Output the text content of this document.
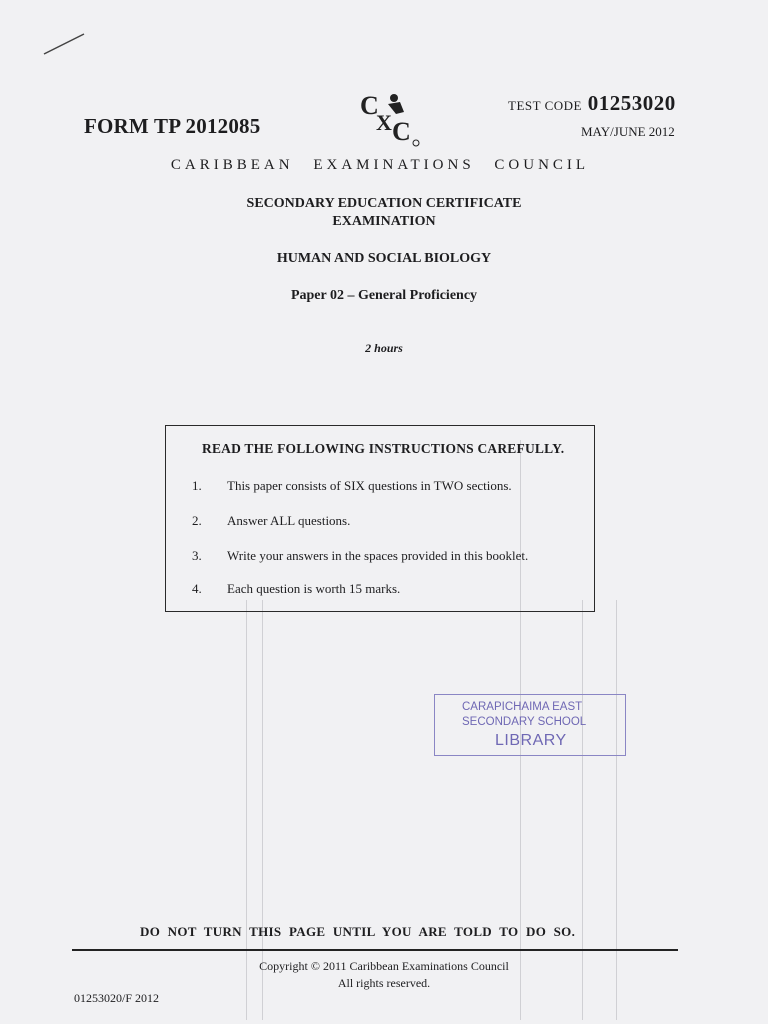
FORM TP 2012085
C
X C
TEST CODE 01253020
MAY/JUNE 2012
CARIBBEAN EXAMINATIONS COUNCIL
SECONDARY EDUCATION CERTIFICATE
EXAMINATION
HUMAN AND SOCIAL BIOLOGY
Paper 02 – General Proficiency
2 hours
READ THE FOLLOWING INSTRUCTIONS CAREFULLY.
1. This paper consists of SIX questions in TWO sections.
2. Answer ALL questions.
3. Write your answers in the spaces provided in this booklet.
4. Each question is worth 15 marks.
CARAPICHAIMA EAST
SECONDARY SCHOOL
LIBRARY
DO NOT TURN THIS PAGE UNTIL YOU ARE TOLD TO DO SO.
Copyright © 2011 Caribbean Examinations Council
All rights reserved.
01253020/F 2012
